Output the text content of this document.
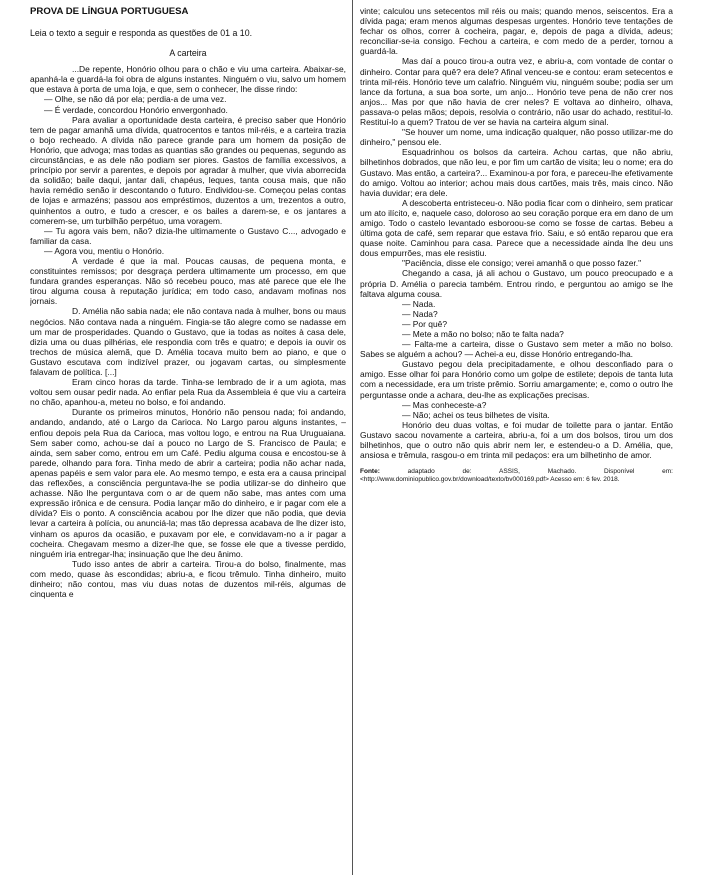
PROVA DE LÍNGUA PORTUGUESA
Leia o texto a seguir e responda as questões de 01 a 10.
A carteira

...De repente, Honório olhou para o chão e viu uma carteira. Abaixar-se, apanhá-la e guardá-la foi obra de alguns instantes. Ninguém o viu, salvo um homem que estava à porta de uma loja, e que, sem o conhecer, lhe disse rindo:

— Olhe, se não dá por ela; perdia-a de uma vez.

— É verdade, concordou Honório envergonhado.

Para avaliar a oportunidade desta carteira, é preciso saber que Honório tem de pagar amanhã uma dívida, quatrocentos e tantos mil-réis, e a carteira trazia o bojo recheado. A dívida não parece grande para um homem da posição de Honório, que advoga; mas todas as quantias são grandes ou pequenas, segundo as circunstâncias, e as dele não podiam ser piores. Gastos de família excessivos, a princípio por servir a parentes, e depois por agradar à mulher, que vivia aborrecida da solidão; baile daqui, jantar dali, chapéus, leques, tanta cousa mais, que não havia remédio senão ir descontando o futuro. Endividou-se. Começou pelas contas de lojas e armazéns; passou aos empréstimos, duzentos a um, trezentos a outro, quinhentos a outro, e tudo a crescer, e os bailes a darem-se, e os jantares a comerem-se, um turbilhão perpétuo, uma voragem.

— Tu agora vais bem, não? dizia-lhe ultimamente o Gustavo C..., advogado e familiar da casa.

— Agora vou, mentiu o Honório.

A verdade é que ia mal. Poucas causas, de pequena monta, e constituintes remissos; por desgraça perdera ultimamente um processo, em que fundara grandes esperanças. Não só recebeu pouco, mas até parece que ele lhe tirou alguma cousa à reputação jurídica; em todo caso, andavam mofinas nos jornais.

D. Amélia não sabia nada; ele não contava nada à mulher, bons ou maus negócios. Não contava nada a ninguém. Fingia-se tão alegre como se nadasse em um mar de prosperidades. Quando o Gustavo, que ia todas as noites à casa dele, dizia uma ou duas pilhérias, ele respondia com três e quatro; e depois ia ouvir os trechos de música alemã, que D. Amélia tocava muito bem ao piano, e que o Gustavo escutava com indizível prazer, ou jogavam cartas, ou simplesmente falavam de política. [...]

Eram cinco horas da tarde. Tinha-se lembrado de ir a um agiota, mas voltou sem ousar pedir nada. Ao enfiar pela Rua da Assembleia é que viu a carteira no chão, apanhou-a, meteu no bolso, e foi andando.

Durante os primeiros minutos, Honório não pensou nada; foi andando, andando, andando, até o Largo da Carioca. No Largo parou alguns instantes, – enfiou depois pela Rua da Carioca, mas voltou logo, e entrou na Rua Uruguaiana. Sem saber como, achou-se daí a pouco no Largo de S. Francisco de Paula; e ainda, sem saber como, entrou em um Café. Pediu alguma cousa e encostou-se à parede, olhando para fora. Tinha medo de abrir a carteira; podia não achar nada, apenas papéis e sem valor para ele. Ao mesmo tempo, e esta era a causa principal das reflexões, a consciência perguntava-lhe se podia utilizar-se do dinheiro que achasse. Não lhe perguntava com o ar de quem não sabe, mas antes com uma expressão irônica e de censura. Podia lançar mão do dinheiro, e ir pagar com ele a dívida? Eis o ponto. A consciência acabou por lhe dizer que não podia, que devia levar a carteira à polícia, ou anunciá-la; mas tão depressa acabava de lhe dizer isto, vinham os apuros da ocasião, e puxavam por ele, e convidavam-no a ir pagar a cocheira. Chegavam mesmo a dizer-lhe que, se fosse ele que a tivesse perdido, ninguém iria entregar-lha; insinuação que lhe deu ânimo.

Tudo isso antes de abrir a carteira. Tirou-a do bolso, finalmente, mas com medo, quase às escondidas; abriu-a, e ficou trêmulo. Tinha dinheiro, muito dinheiro; não contou, mas viu duas notas de duzentos mil-réis, algumas de cinquenta e

vinte; calculou uns setecentos mil réis ou mais; quando menos, seiscentos. Era a dívida paga; eram menos algumas despesas urgentes. Honório teve tentações de fechar os olhos, correr à cocheira, pagar, e, depois de paga a dívida, adeus; reconciliar-se-ia consigo. Fechou a carteira, e com medo de a perder, tornou a guardá-la.

Mas daí a pouco tirou-a outra vez, e abriu-a, com vontade de contar o dinheiro. Contar para quê? era dele? Afinal venceu-se e contou: eram setecentos e trinta mil-réis. Honório teve um calafrio. Ninguém viu, ninguém soube; podia ser um lance da fortuna, a sua boa sorte, um anjo... Honório teve pena de não crer nos anjos... Mas por que não havia de crer neles? E voltava ao dinheiro, olhava, passava-o pelas mãos; depois, resolvia o contrário, não usar do achado, restituí-lo. Restituí-lo a quem? Tratou de ver se havia na carteira algum sinal.

"Se houver um nome, uma indicação qualquer, não posso utilizar-me do dinheiro," pensou ele.

Esquadrinhou os bolsos da carteira. Achou cartas, que não abriu, bilhetinhos dobrados, que não leu, e por fim um cartão de visita; leu o nome; era do Gustavo. Mas então, a carteira?... Examinou-a por fora, e pareceu-lhe efetivamente do amigo. Voltou ao interior; achou mais dous cartões, mais três, mais cinco. Não havia duvidar; era dele.

A descoberta entristeceu-o. Não podia ficar com o dinheiro, sem praticar um ato ilícito, e, naquele caso, doloroso ao seu coração porque era em dano de um amigo. Todo o castelo levantado esboroou-se como se fosse de cartas. Bebeu a última gota de café, sem reparar que estava frio. Saiu, e só então reparou que era quase noite. Caminhou para casa. Parece que a necessidade ainda lhe deu uns dous empurrões, mas ele resistiu.

"Paciência, disse ele consigo; verei amanhã o que posso fazer."

Chegando a casa, já ali achou o Gustavo, um pouco preocupado e a própria D. Amélia o parecia também. Entrou rindo, e perguntou ao amigo se lhe faltava alguma cousa.

— Nada.

— Nada?

— Por quê?

— Mete a mão no bolso; não te falta nada?

— Falta-me a carteira, disse o Gustavo sem meter a mão no bolso. Sabes se alguém a achou? — Achei-a eu, disse Honório entregando-lha.

Gustavo pegou dela precipitadamente, e olhou desconfiado para o amigo. Esse olhar foi para Honório como um golpe de estilete; depois de tanta luta com a necessidade, era um triste prêmio. Sorriu amargamente; e, como o outro lhe perguntasse onde a achara, deu-lhe as explicações precisas.

— Mas conheceste-a?

— Não; achei os teus bilhetes de visita.

Honório deu duas voltas, e foi mudar de toilette para o jantar. Então Gustavo sacou novamente a carteira, abriu-a, foi a um dos bolsos, tirou um dos bilhetinhos, que o outro não quis abrir nem ler, e estendeu-o a D. Amélia, que, ansiosa e trêmula, rasgou-o em trinta mil pedaços: era um bilhetinho de amor.

Fonte:	adaptado de: ASSIS, Machado. Disponível em: <http://www.dominiopublico.gov.br/download/texto/bv000169.pdf> Acesso em: 6 fev. 2018.
